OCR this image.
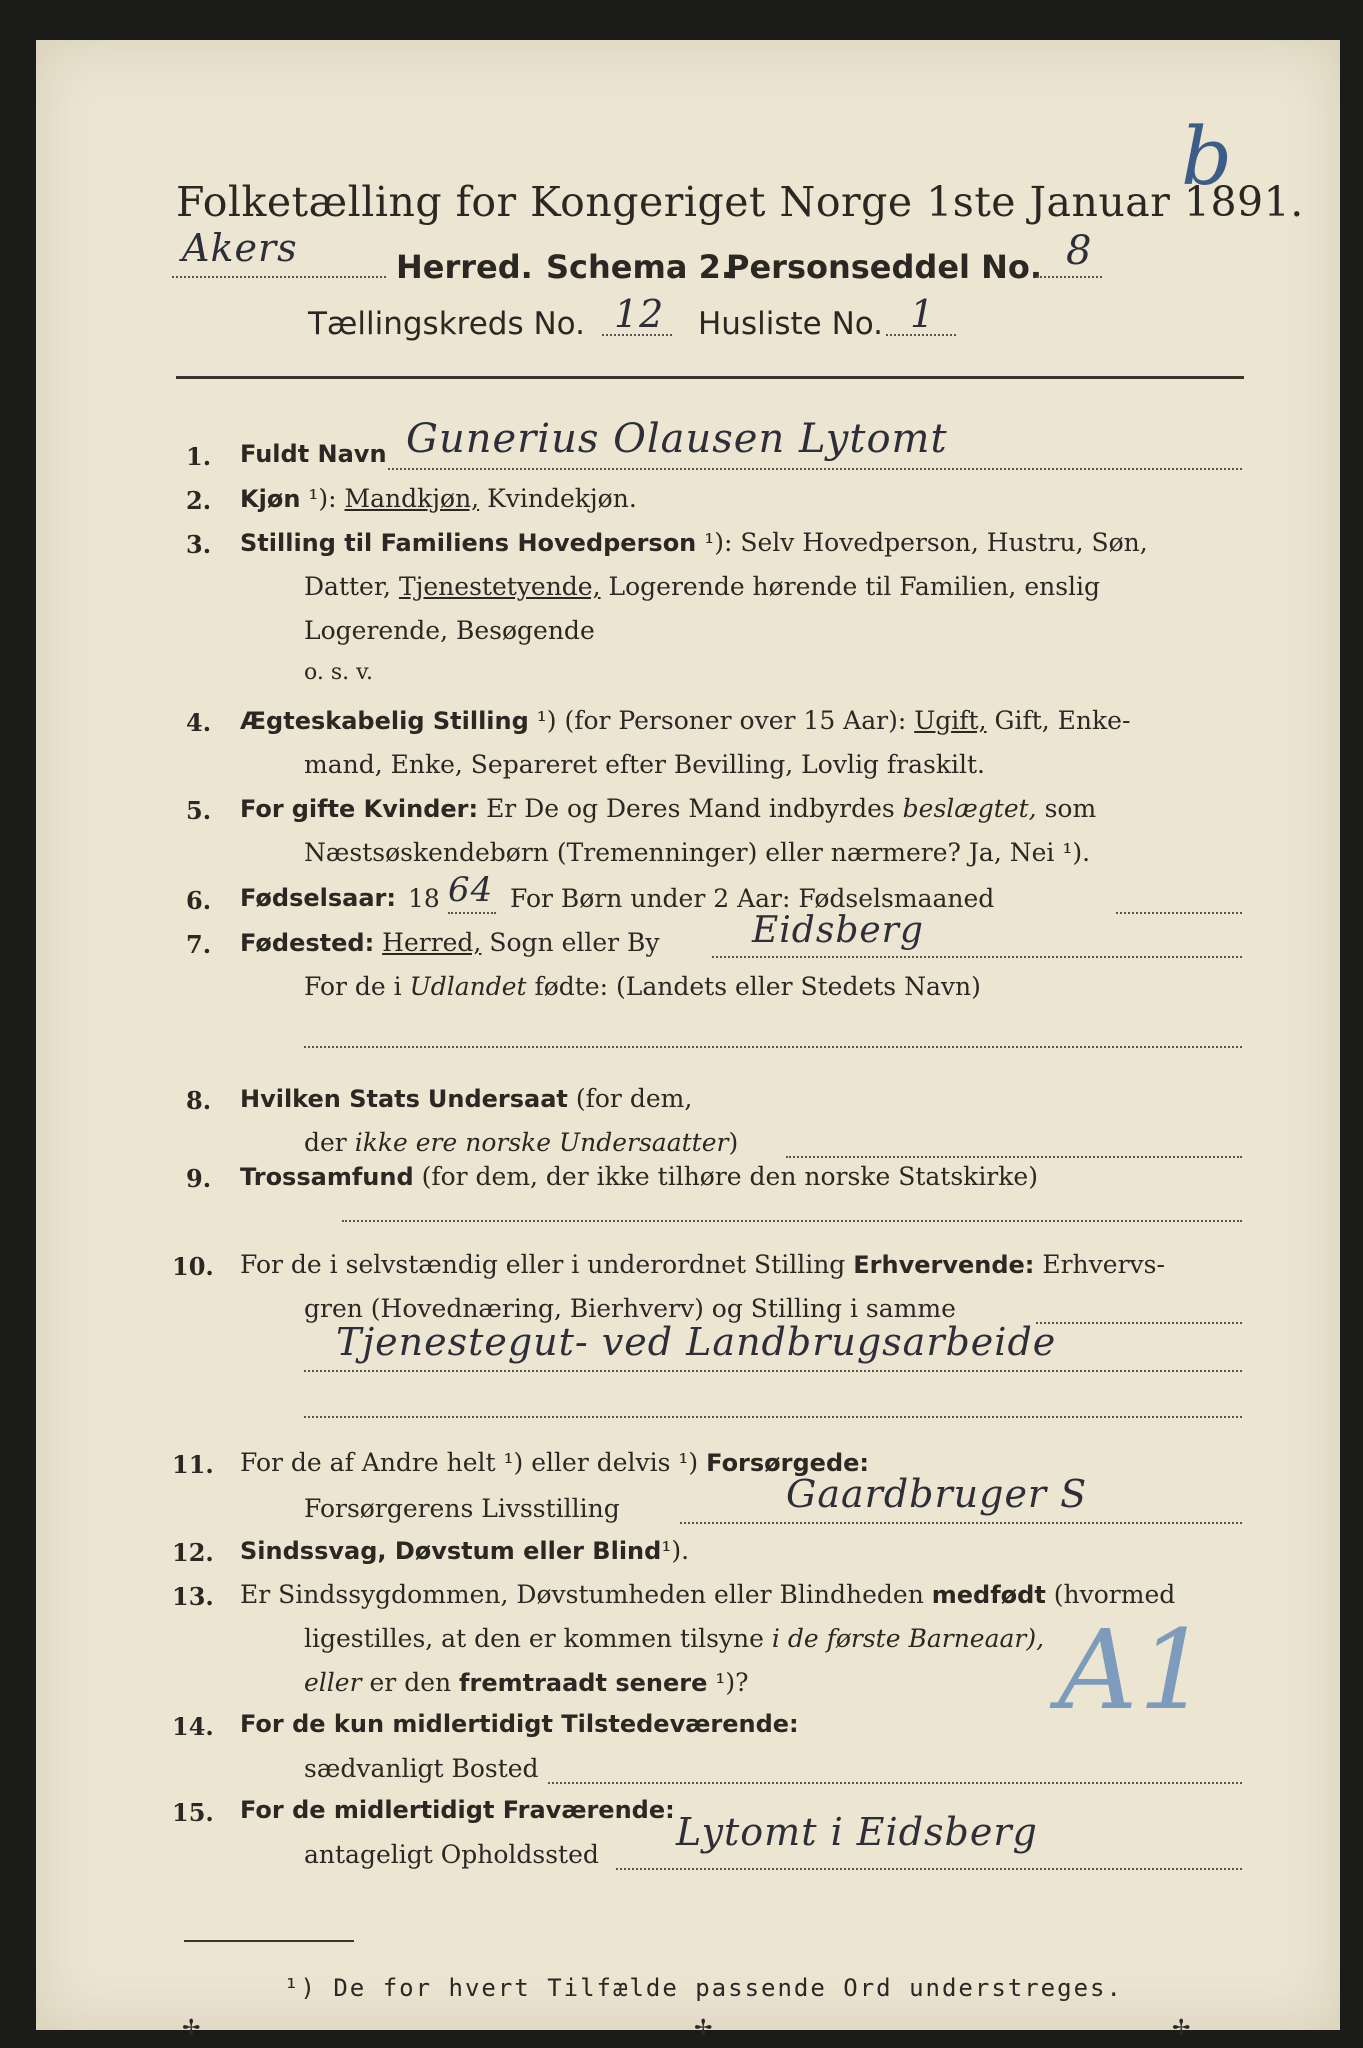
Folketælling for Kongeriget Norge 1ste Januar 1891.
b
Akers	Herred. Schema 2.
Personseddel No. 8
Tællingskreds No. 12 Husliste No. 1
1. Fuldt Navn Gunerius Olausen Lytomt
2. Kjøn ¹): Mandkjøn, Kvindekjøn.
3. Stilling til Familiens Hovedperson ¹): Selv Hovedperson, Hustru, Søn,
Datter, Tjenestetyende, Logerende hørende til Familien, enslig
Logerende, Besøgende
o. s. v.
4. Ægteskabelig Stilling ¹) (for Personer over 15 Aar): Ugift, Gift, Enke-
mand, Enke, Separeret efter Bevilling, Lovlig fraskilt.
5. For gifte Kvinder: Er De og Deres Mand indbyrdes beslægtet, som
Næstsøskendebørn (Tremenninger) eller nærmere? Ja, Nei ¹).
6. Fødselsaar: 18 64 For Børn under 2 Aar: Fødselsmaaned
7. Fødested: Herred, Sogn eller By	Eidsberg
For de i Udlandet fødte: (Landets eller Stedets Navn)
8. Hvilken Stats Undersaat (for dem,
der ikke ere norske Undersaatter)
9. Trossamfund (for dem, der ikke tilhøre den norske Statskirke)
10. For de i selvstændig eller i underordnet Stilling Erhvervende: Erhvervs-
gren (Hovednæring, Bierhverv) og Stilling i samme
Tjenestegut- ved Landbrugsarbeide
11. For de af Andre helt ¹) eller delvis ¹) Forsørgede:
Forsørgerens Livsstilling	Gaardbruger S
12. Sindssvag, Døvstum eller Blind¹).
13. Er Sindssygdommen, Døvstumheden eller Blindheden medfødt (hvormed
ligestilles, at den er kommen tilsyne i de første Barneaar),
eller er den fremtraadt senere ¹)?	A1
14. For de kun midlertidigt Tilstedeværende:
sædvanligt Bosted
15. For de midlertidigt Fraværende:
antageligt Opholdssted
Lytomt i Eidsberg
¹) De for hvert Tilfælde passende Ord understreges.
✢	✢	✢
